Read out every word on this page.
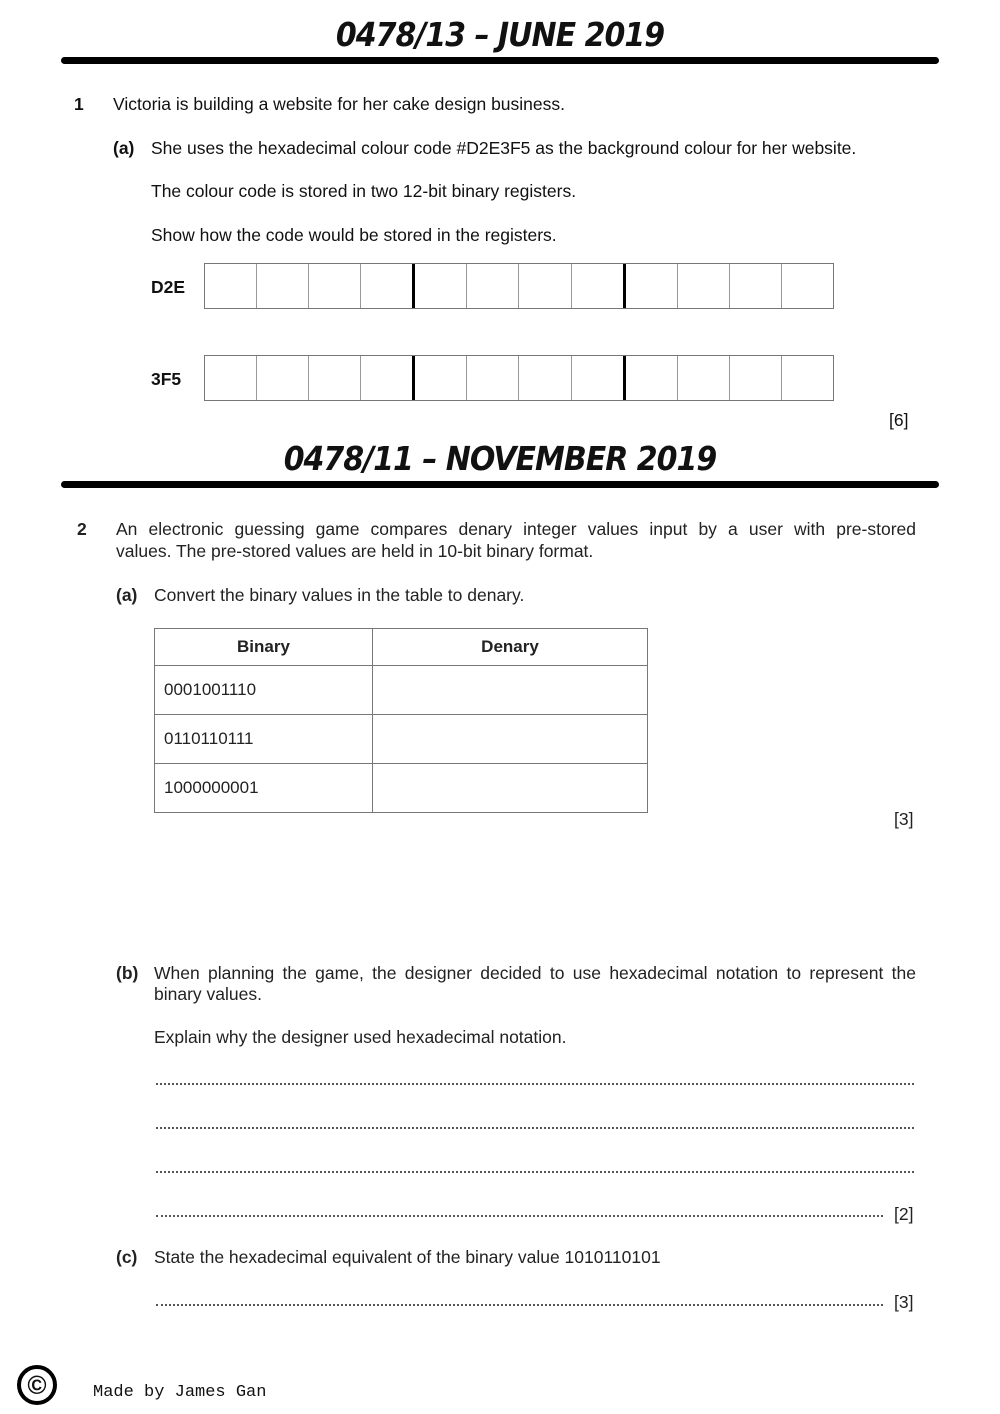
0478/13 – JUNE 2019
1 Victoria is building a website for her cake design business.
(a) She uses the hexadecimal colour code #D2E3F5 as the background colour for her website.
The colour code is stored in two 12-bit binary registers.
Show how the code would be stored in the registers.
D2E
3F5
[6]
0478/11 – NOVEMBER 2019
2 An electronic guessing game compares denary integer values input by a user with pre-stored
values. The pre-stored values are held in 10-bit binary format.
(a) Convert the binary values in the table to denary.
Binary	Denary
0001001110	
0110110111	
1000000001	
[3]
(b) When planning the game, the designer decided to use hexadecimal notation to represent the
binary values.
Explain why the designer used hexadecimal notation.
[2]
(c) State the hexadecimal equivalent of the binary value 1010110101
[3]
©	Made by James Gan
